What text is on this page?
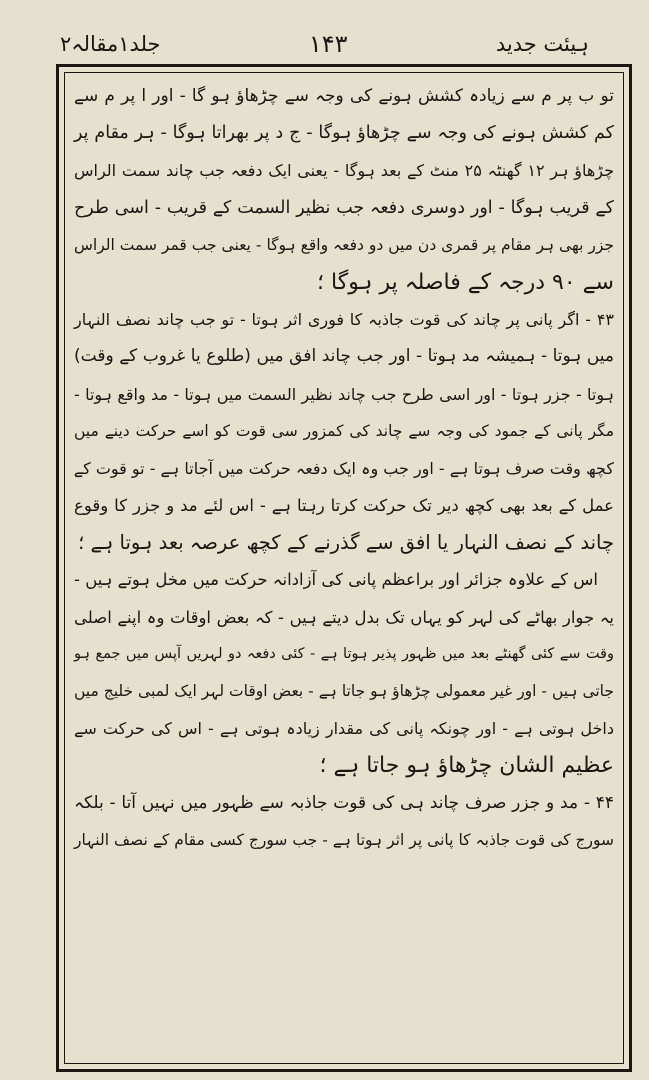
جلد۱مقالہ۲	۱۴۳	ہیئت جدید
تو ب پر م سے زیادہ کشش ہونے کی وجہ سے چڑھاؤ ہو گا - اور ا پر م سے
کم کشش ہونے کی وجہ سے چڑھاؤ ہوگا - ج د پر بھراتا ہوگا - ہر مقام پر
چڑھاؤ ہر ۱۲ گھنٹہ ۲۵ منٹ کے بعد ہوگا - یعنی ایک دفعہ جب چاند سمت الراس
کے قریب ہوگا - اور دوسری دفعہ جب نظیر السمت کے قریب - اسی طرح
جزر بھی ہر مقام پر قمری دن میں دو دفعہ واقع ہوگا - یعنی جب قمر سمت الراس
سے ۹۰ درجہ کے فاصلہ پر ہوگا ؛
۴۳ - اگر پانی پر چاند کی قوت جاذبہ کا فوری اثر ہوتا - تو جب چاند نصف النہار
میں ہوتا - ہمیشہ مد ہوتا - اور جب چاند افق میں (طلوع یا غروب کے وقت)
ہوتا - جزر ہوتا - اور اسی طرح جب چاند نظیر السمت میں ہوتا - مد واقع ہوتا -
مگر پانی کے جمود کی وجہ سے چاند کی کمزور سی قوت کو اسے حرکت دینے میں
کچھ وقت صرف ہوتا ہے - اور جب وہ ایک دفعہ حرکت میں آجاتا ہے - تو قوت کے
عمل کے بعد بھی کچھ دیر تک حرکت کرتا رہتا ہے - اس لئے مد و جزر کا وقوع
چاند کے نصف النہار یا افق سے گذرنے کے کچھ عرصہ بعد ہوتا ہے ؛
اس کے علاوہ جزائر اور براعظم پانی کی آزادانہ حرکت میں مخل ہوتے ہیں -
یہ جوار بھاٹے کی لہر کو یہاں تک بدل دیتے ہیں - کہ بعض اوقات وہ اپنے اصلی
وقت سے کئی گھنٹے بعد میں ظہور پذیر ہوتا ہے - کئی دفعہ دو لہریں آپس میں جمع ہو
جاتی ہیں - اور غیر معمولی چڑھاؤ ہو جاتا ہے - بعض اوقات لہر ایک لمبی خلیج میں
داخل ہوتی ہے - اور چونکہ پانی کی مقدار زیادہ ہوتی ہے - اس کی حرکت سے
عظیم الشان چڑھاؤ ہو جاتا ہے ؛
۴۴ - مد و جزر صرف چاند ہی کی قوت جاذبہ سے ظہور میں نہیں آتا - بلکہ
سورج کی قوت جاذبہ کا پانی پر اثر ہوتا ہے - جب سورج کسی مقام کے نصف النہار
